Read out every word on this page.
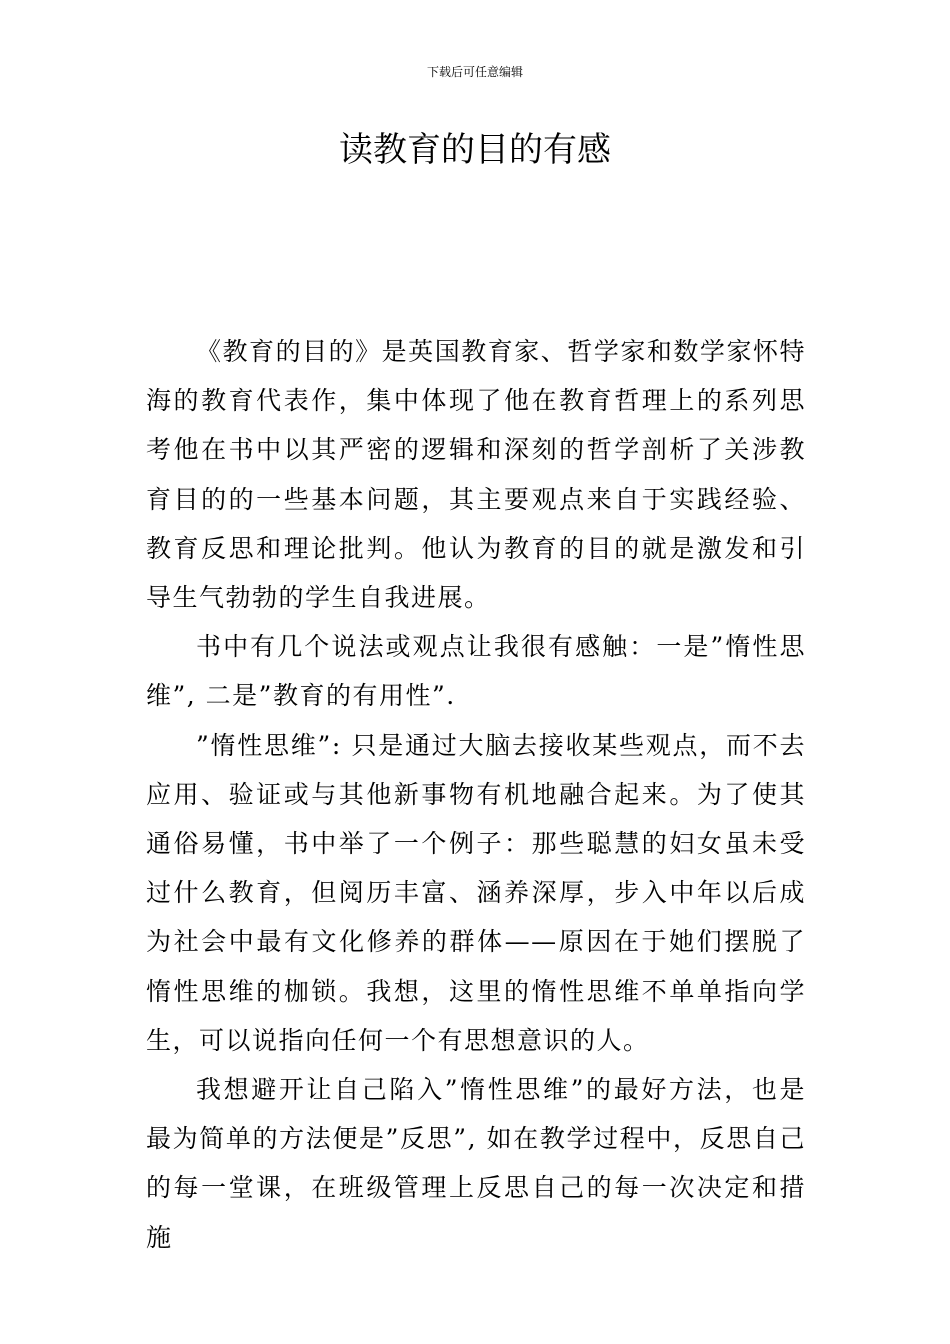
下载后可任意编辑
读教育的目的有感

《教育的目的》是英国教育家、哲学家和数学家怀特海的教育代表作，集中体现了他在教育哲理上的系列思考他在书中以其严密的逻辑和深刻的哲学剖析了关涉教育目的的一些基本问题，其主要观点来自于实践经验、教育反思和理论批判。他认为教育的目的就是激发和引导生气勃勃的学生自我进展。

书中有几个说法或观点让我很有感触：一是”惰性思维”, 二是”教育的有用性”.

”惰性思维”: 只是通过大脑去接收某些观点，而不去应用、验证或与其他新事物有机地融合起来。为了使其通俗易懂，书中举了一个例子：那些聪慧的妇女虽未受过什么教育，但阅历丰富、涵养深厚，步入中年以后成为社会中最有文化修养的群体——原因在于她们摆脱了惰性思维的枷锁。我想，这里的惰性思维不单单指向学生，可以说指向任何一个有思想意识的人。

我想避开让自己陷入”惰性思维”的最好方法，也是最为简单的方法便是”反思”, 如在教学过程中，反思自己的每一堂课，在班级管理上反思自己的每一次决定和措施
